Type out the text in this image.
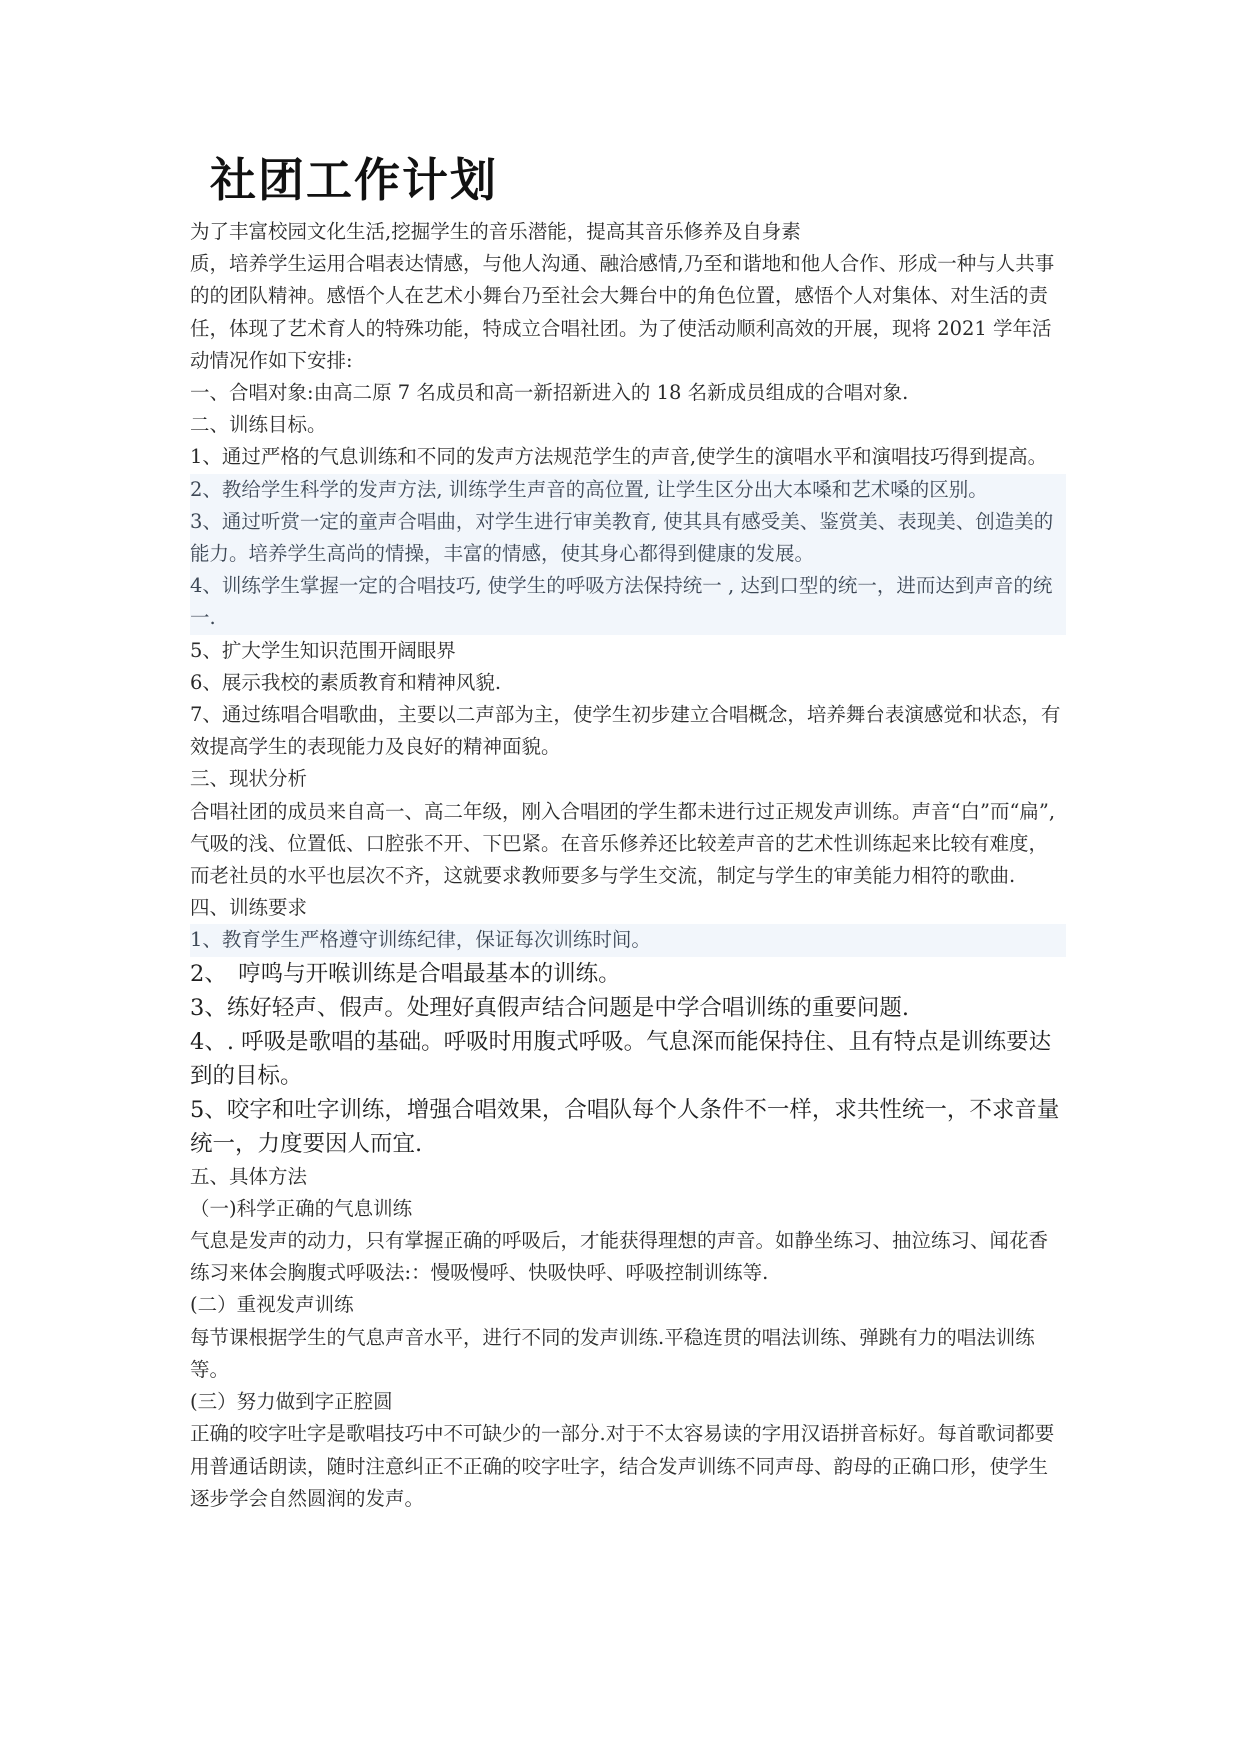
社团工作计划

为了丰富校园文化生活,挖掘学生的音乐潜能，提高其音乐修养及自身素

质，培养学生运用合唱表达情感，与他人沟通、融洽感情,乃至和谐地和他人合作、形成一种与人共事的的团队精神。感悟个人在艺术小舞台乃至社会大舞台中的角色位置，感悟个人对集体、对生活的责任，体现了艺术育人的特殊功能，特成立合唱社团。为了使活动顺利高效的开展，现将 2021 学年活动情况作如下安排:

一、合唱对象:由高二原 7 名成员和高一新招新进入的 18 名新成员组成的合唱对象.

二、训练目标。

1、通过严格的气息训练和不同的发声方法规范学生的声音,使学生的演唱水平和演唱技巧得到提高。

2、教给学生科学的发声方法, 训练学生声音的高位置, 让学生区分出大本嗓和艺术嗓的区别。

3、通过听赏一定的童声合唱曲，对学生进行审美教育, 使其具有感受美、鉴赏美、表现美、创造美的能力。培养学生高尚的情操，丰富的情感，使其身心都得到健康的发展。

4、训练学生掌握一定的合唱技巧, 使学生的呼吸方法保持统一 , 达到口型的统一，进而达到声音的统一.

5、扩大学生知识范围开阔眼界

6、展示我校的素质教育和精神风貌.

7、通过练唱合唱歌曲，主要以二声部为主，使学生初步建立合唱概念，培养舞台表演感觉和状态，有效提高学生的表现能力及良好的精神面貌。

三、现状分析

合唱社团的成员来自高一、高二年级，刚入合唱团的学生都未进行过正规发声训练。声音“白”而“扁”,气吸的浅、位置低、口腔张不开、下巴紧。在音乐修养还比较差声音的艺术性训练起来比较有难度，而老社员的水平也层次不齐，这就要求教师要多与学生交流，制定与学生的审美能力相符的歌曲.

四、训练要求

1、教育学生严格遵守训练纪律，保证每次训练时间。

2、　哼鸣与开喉训练是合唱最基本的训练。

3、练好轻声、假声。处理好真假声结合问题是中学合唱训练的重要问题.

4、. 呼吸是歌唱的基础。呼吸时用腹式呼吸。气息深而能保持住、且有特点是训练要达到的目标。

5、咬字和吐字训练，增强合唱效果，合唱队每个人条件不一样，求共性统一，不求音量统一，力度要因人而宜.

五、具体方法

（一)科学正确的气息训练

气息是发声的动力，只有掌握正确的呼吸后，才能获得理想的声音。如静坐练习、抽泣练习、闻花香练习来体会胸腹式呼吸法:：慢吸慢呼、快吸快呼、呼吸控制训练等.

(二）重视发声训练

每节课根据学生的气息声音水平，进行不同的发声训练.平稳连贯的唱法训练、弹跳有力的唱法训练等。

(三）努力做到字正腔圆

正确的咬字吐字是歌唱技巧中不可缺少的一部分.对于不太容易读的字用汉语拼音标好。每首歌词都要用普通话朗读，随时注意纠正不正确的咬字吐字，结合发声训练不同声母、韵母的正确口形，使学生逐步学会自然圆润的发声。
